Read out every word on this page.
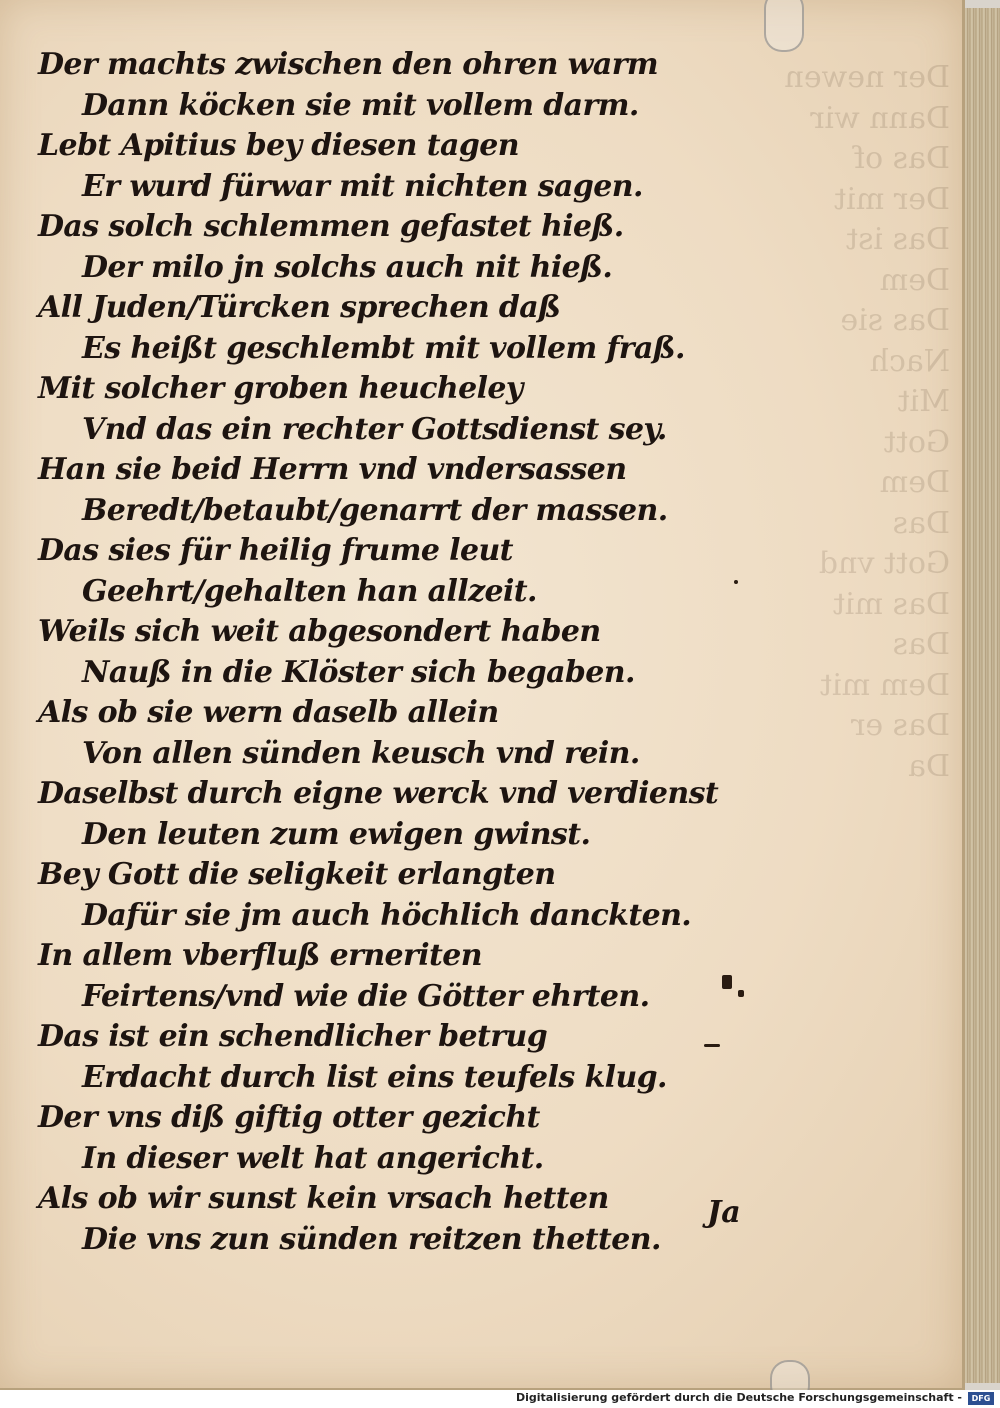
Der newen
Dann wir
Das of
Der mit
Das ist
Dem
Das sie
Nach
Mit
Gott
Dem
Das
Gott vnd
Das mit
Das
Dem mit
Das er
Da
Der machts zwischen den ohren warm
Dann köcken sie mit vollem darm.
Lebt Apitius bey diesen tagen
Er wurd fürwar mit nichten sagen.
Das solch schlemmen gefastet hieß.
Der milo jn solchs auch nit hieß.
All Juden/Türcken sprechen daß
Es heißt geschlembt mit vollem fraß.
Mit solcher groben heucheley
Vnd das ein rechter Gottsdienst sey.
Han sie beid Herrn vnd vndersassen
Beredt/betaubt/genarrt der massen.
Das sies für heilig frume leut
Geehrt/gehalten han allzeit.
Weils sich weit abgesondert haben
Nauß in die Klöster sich begaben.
Als ob sie wern daselb allein
Von allen sünden keusch vnd rein.
Daselbst durch eigne werck vnd verdienst
Den leuten zum ewigen gwinst.
Bey Gott die seligkeit erlangten
Dafür sie jm auch höchlich danckten.
In allem vberfluß erneriten
Feirtens/vnd wie die Götter ehrten.
Das ist ein schendlicher betrug
Erdacht durch list eins teufels klug.
Der vns diß giftig otter gezicht
In dieser welt hat angericht.
Als ob wir sunst kein vrsach hetten
Die vns zun sünden reitzen thetten.
Ja
Digitalisierung gefördert durch die Deutsche Forschungsgemeinschaft -	DFG
